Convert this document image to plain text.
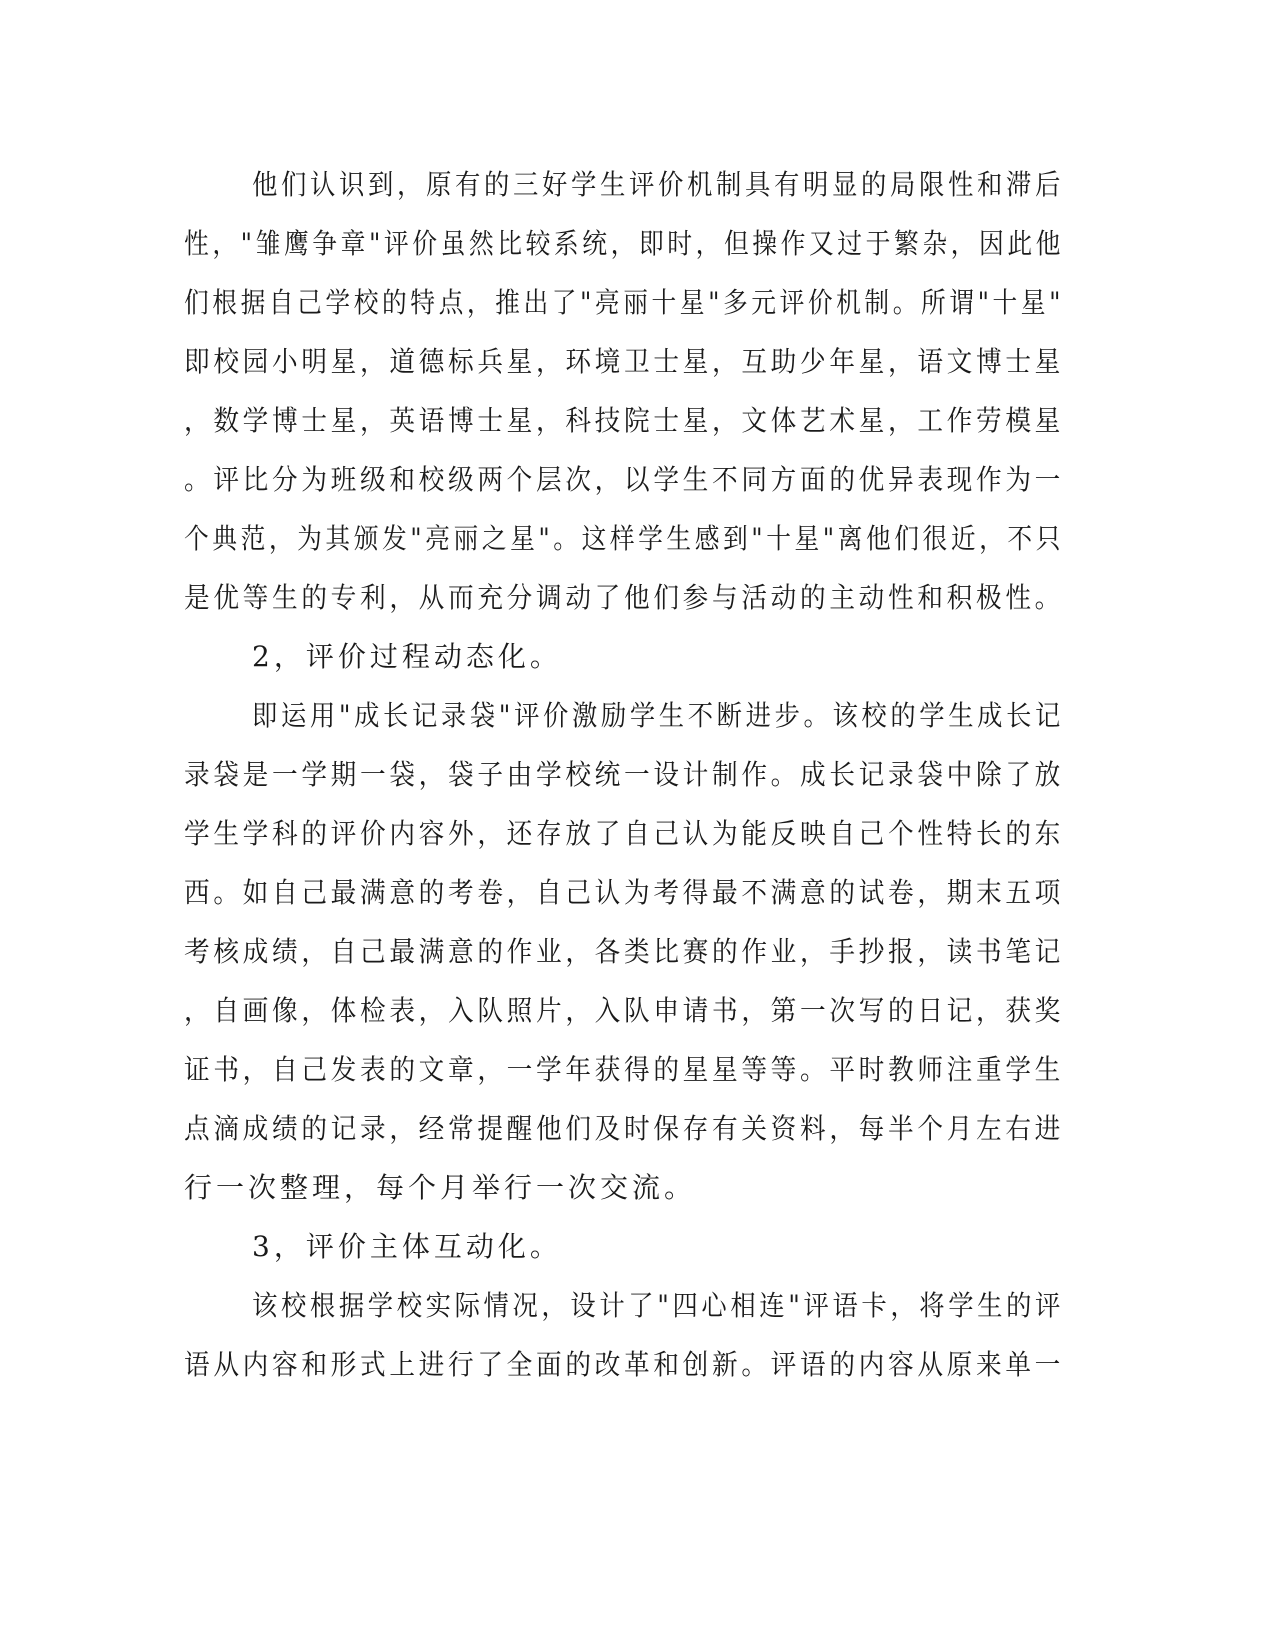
他们认识到，原有的三好学生评价机制具有明显的局限性和滞后
性，"雏鹰争章"评价虽然比较系统，即时，但操作又过于繁杂，因此他
们根据自己学校的特点，推出了"亮丽十星"多元评价机制。所谓"十星"
即校园小明星，道德标兵星，环境卫士星，互助少年星，语文博士星
，数学博士星，英语博士星，科技院士星，文体艺术星，工作劳模星
。评比分为班级和校级两个层次，以学生不同方面的优异表现作为一
个典范，为其颁发"亮丽之星"。这样学生感到"十星"离他们很近，不只
是优等生的专利，从而充分调动了他们参与活动的主动性和积极性。
2，评价过程动态化。
即运用"成长记录袋"评价激励学生不断进步。该校的学生成长记
录袋是一学期一袋，袋子由学校统一设计制作。成长记录袋中除了放
学生学科的评价内容外，还存放了自己认为能反映自己个性特长的东
西。如自己最满意的考卷，自己认为考得最不满意的试卷，期末五项
考核成绩，自己最满意的作业，各类比赛的作业，手抄报，读书笔记
，自画像，体检表，入队照片，入队申请书，第一次写的日记，获奖
证书，自己发表的文章，一学年获得的星星等等。平时教师注重学生
点滴成绩的记录，经常提醒他们及时保存有关资料，每半个月左右进
行一次整理，每个月举行一次交流。
3，评价主体互动化。
该校根据学校实际情况，设计了"四心相连"评语卡，将学生的评
语从内容和形式上进行了全面的改革和创新。评语的内容从原来单一
